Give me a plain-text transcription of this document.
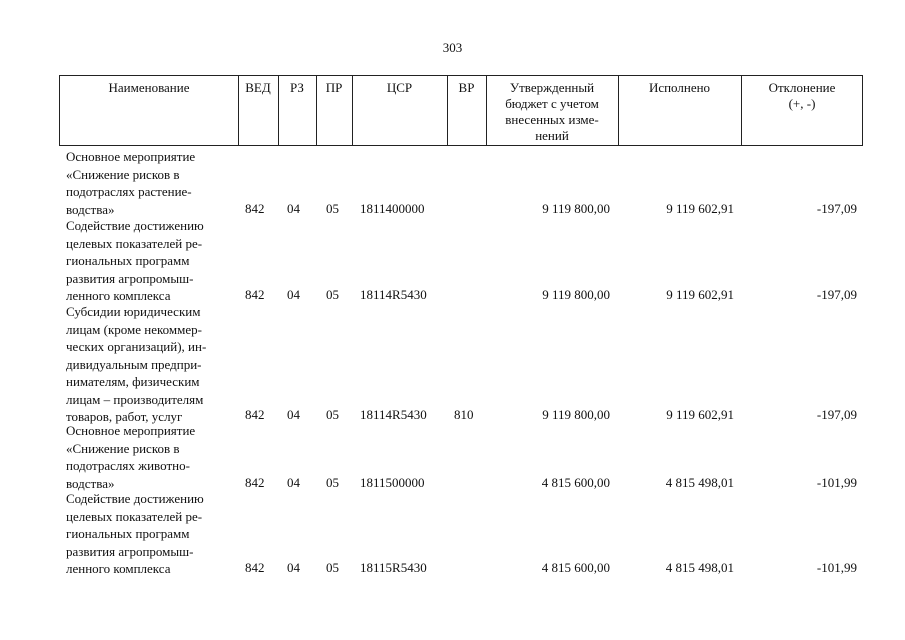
303
Наименование	ВЕД	РЗ	ПР	ЦСР	ВР	Утвержденный
бюджет с учетом
внесенных изме-
нений
Исполнено	Отклонение
(+, -)
Основное мероприятие
«Снижение рисков в
подотраслях растение-
водства»	842 04 05 1811400000	9 119 800,00	9 119 602,91	-197,09
Содействие достижению
целевых показателей ре-
гиональных программ
развития агропромыш-
ленного комплекса	842 04 05 18114R5430	9 119 800,00	9 119 602,91	-197,09
Субсидии юридическим
лицам (кроме некоммер-
ческих организаций), ин-
дивидуальным предпри-
нимателям, физическим
лицам – производителям
товаров, работ, услуг	842 04 05 18114R5430 810	9 119 800,00	9 119 602,91	-197,09
Основное мероприятие
«Снижение рисков в
подотраслях животно-
водства»	842 04 05 1811500000	4 815 600,00	4 815 498,01	-101,99
Содействие достижению
целевых показателей ре-
гиональных программ
развития агропромыш-
ленного комплекса	842 04 05 18115R5430	4 815 600,00	4 815 498,01	-101,99
